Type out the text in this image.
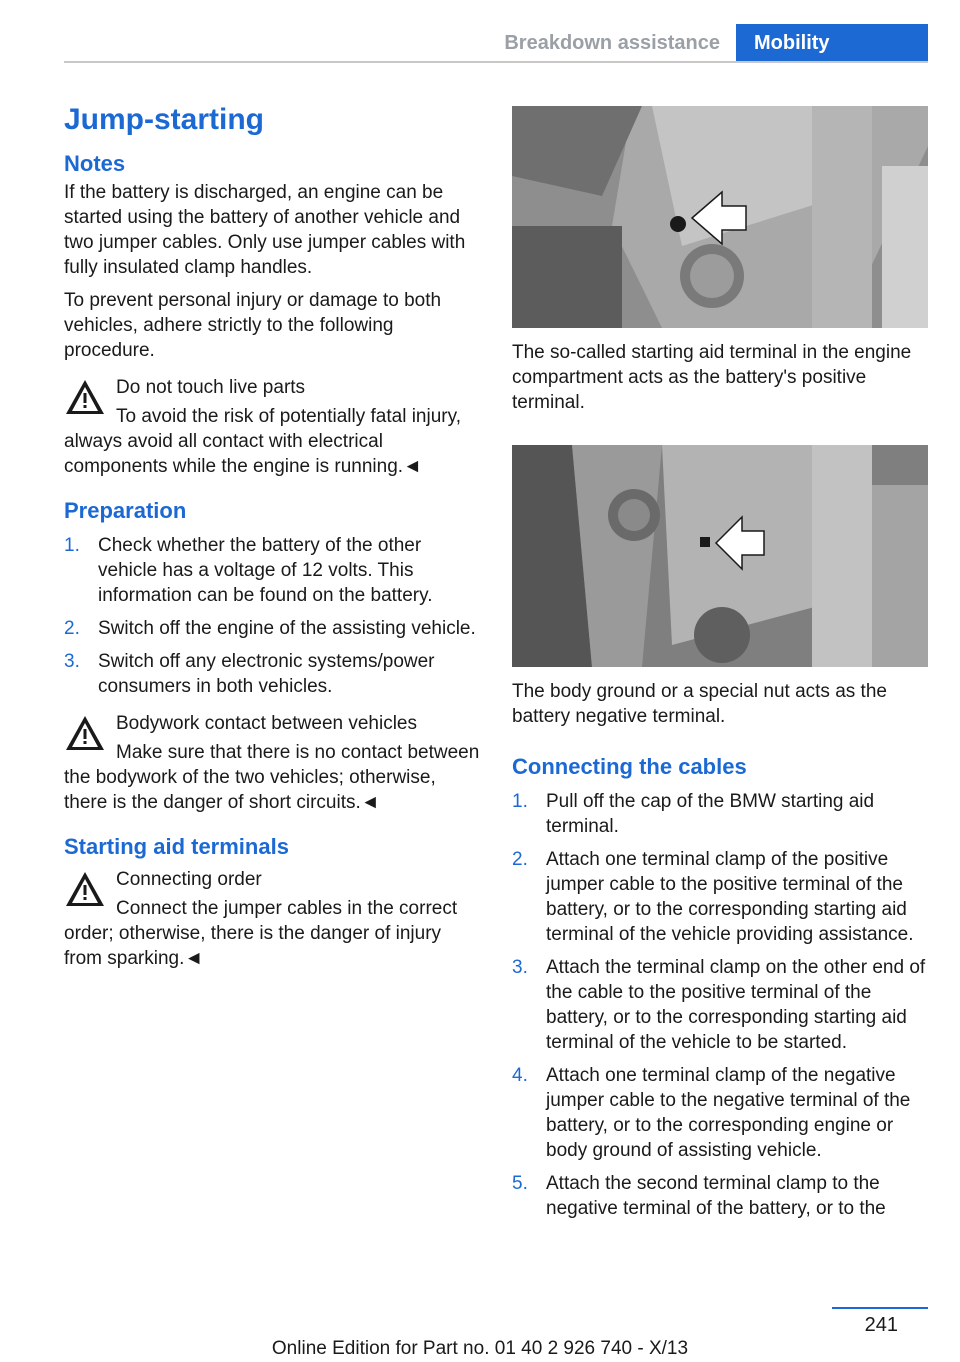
Breakdown assistance	Mobility
Jump-starting
Notes

If the battery is discharged, an engine can be started using the battery of another vehicle and two jumper cables. Only use jumper cables with fully insulated clamp handles.

To prevent personal injury or damage to both vehicles, adhere strictly to the following procedure.

Do not touch live parts
To avoid the risk of potentially fatal injury, always avoid all contact with electrical components while the engine is running.◄
Preparation
1. Check whether the battery of the other vehicle has a voltage of 12 volts. This information can be found on the battery.
2. Switch off the engine of the assisting vehicle.
3. Switch off any electronic systems/power consumers in both vehicles.
Bodywork contact between vehicles
Make sure that there is no contact between the bodywork of the two vehicles; otherwise, there is the danger of short circuits.◄
Starting aid terminals
Connecting order
Connect the jumper cables in the correct order; otherwise, there is the danger of injury from sparking.◄

The so-called starting aid terminal in the engine compartment acts as the battery's positive terminal.

The body ground or a special nut acts as the battery negative terminal.

Connecting the cables
1. Pull off the cap of the BMW starting aid terminal.
2. Attach one terminal clamp of the positive jumper cable to the positive terminal of the battery, or to the corresponding starting aid terminal of the vehicle providing assistance.
3. Attach the terminal clamp on the other end of the cable to the positive terminal of the battery, or to the corresponding starting aid terminal of the vehicle to be started.
4. Attach one terminal clamp of the negative jumper cable to the negative terminal of the battery, or to the corresponding engine or body ground of assisting vehicle.
5. Attach the second terminal clamp to the negative terminal of the battery, or to the
241
Online Edition for Part no. 01 40 2 926 740 - X/13
